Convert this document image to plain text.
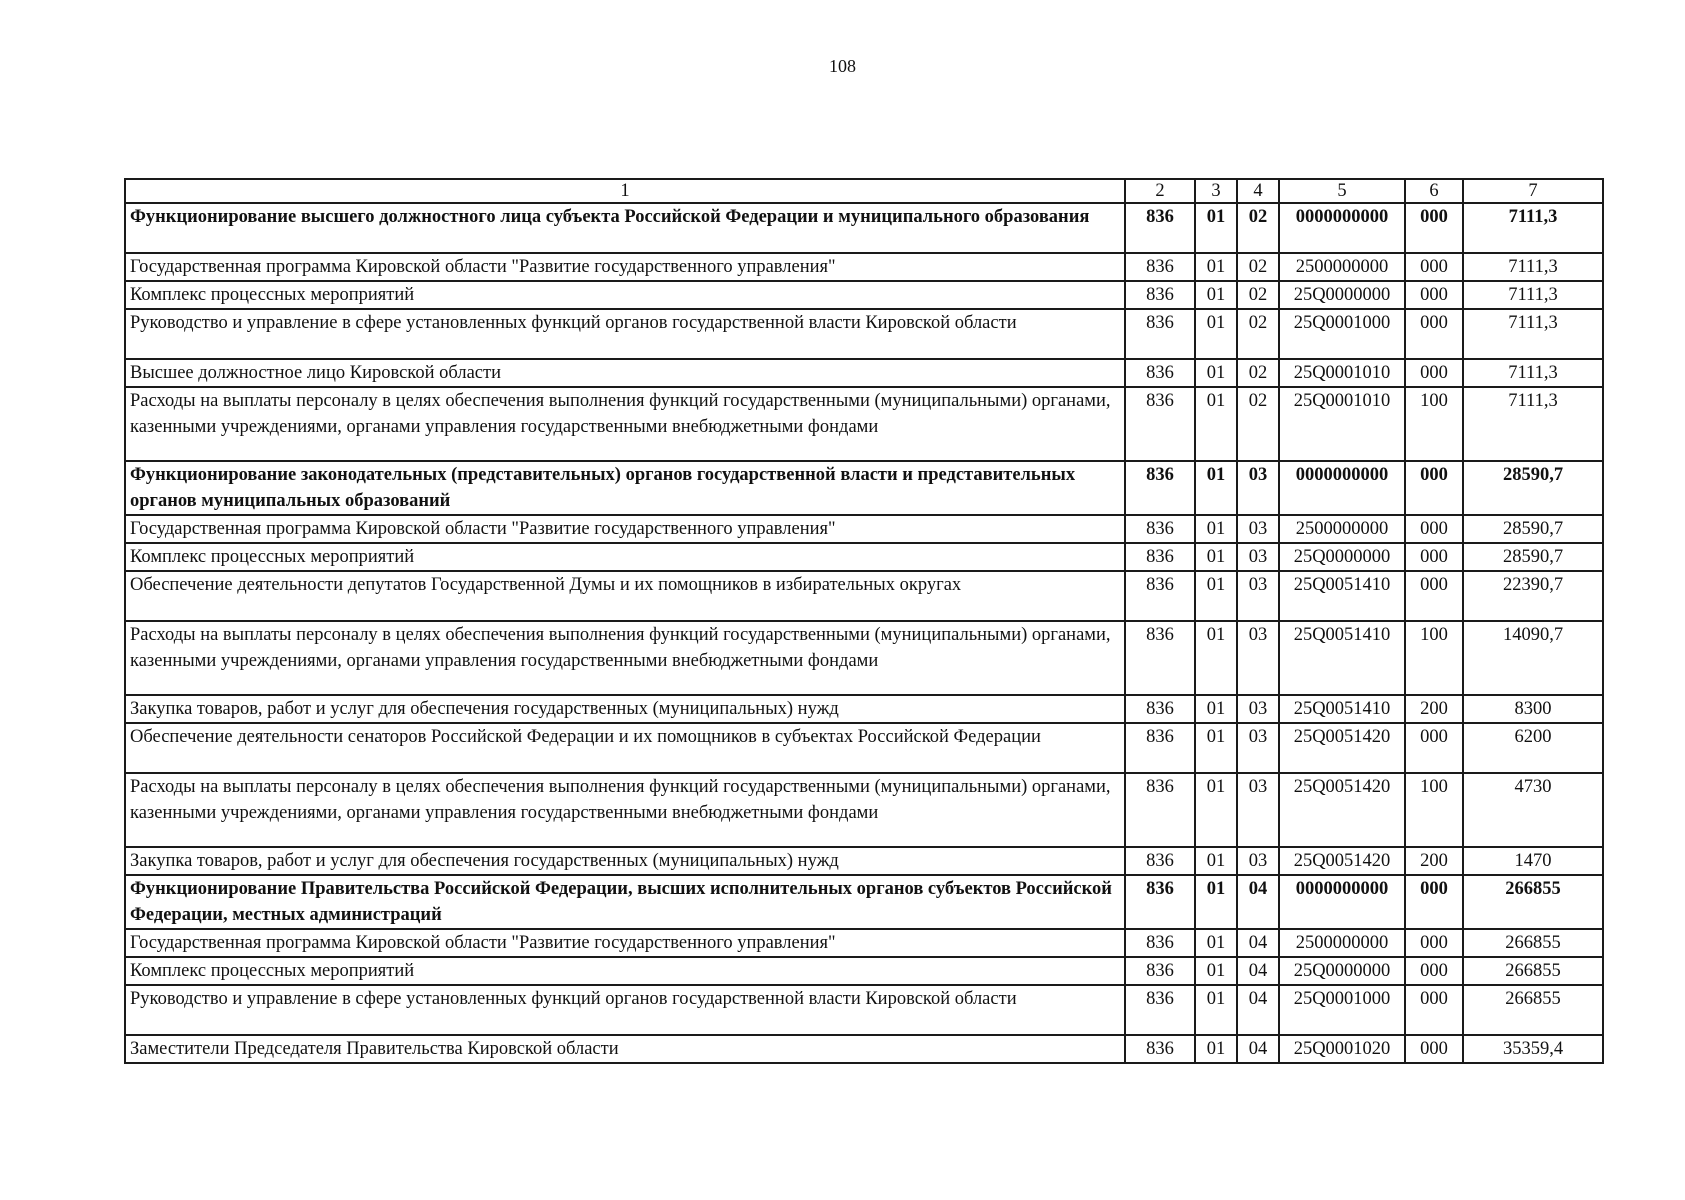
108
1	2	3	4	5	6	7
Функционирование высшего должностного лица субъекта Российской Федерации и муниципального образования	836	01	02	0000000000	000	7111,3
Государственная программа Кировской области "Развитие государственного управления"	836	01	02	2500000000	000	7111,3
Комплекс процессных мероприятий	836	01	02	25Q0000000	000	7111,3
Руководство и управление в сфере установленных функций органов государственной власти Кировской области	836	01	02	25Q0001000	000	7111,3
Высшее должностное лицо Кировской области	836	01	02	25Q0001010	000	7111,3
Расходы на выплаты персоналу в целях обеспечения выполнения функций государственными (муниципальными) органами, казенными учреждениями, органами управления государственными внебюджетными фондами	836	01	02	25Q0001010	100	7111,3
Функционирование законодательных (представительных) органов государственной власти и представительных органов муниципальных образований	836	01	03	0000000000	000	28590,7
Государственная программа Кировской области "Развитие государственного управления"	836	01	03	2500000000	000	28590,7
Комплекс процессных мероприятий	836	01	03	25Q0000000	000	28590,7
Обеспечение деятельности депутатов Государственной Думы и их помощников в избирательных округах	836	01	03	25Q0051410	000	22390,7
Расходы на выплаты персоналу в целях обеспечения выполнения функций государственными (муниципальными) органами, казенными учреждениями, органами управления государственными внебюджетными фондами	836	01	03	25Q0051410	100	14090,7
Закупка товаров, работ и услуг для обеспечения государственных (муниципальных) нужд	836	01	03	25Q0051410	200	8300
Обеспечение деятельности сенаторов Российской Федерации и их помощников в субъектах Российской Федерации	836	01	03	25Q0051420	000	6200
Расходы на выплаты персоналу в целях обеспечения выполнения функций государственными (муниципальными) органами, казенными учреждениями, органами управления государственными внебюджетными фондами	836	01	03	25Q0051420	100	4730
Закупка товаров, работ и услуг для обеспечения государственных (муниципальных) нужд	836	01	03	25Q0051420	200	1470
Функционирование Правительства Российской Федерации, высших исполнительных органов субъектов Российской Федерации, местных администраций	836	01	04	0000000000	000	266855
Государственная программа Кировской области "Развитие государственного управления"	836	01	04	2500000000	000	266855
Комплекс процессных мероприятий	836	01	04	25Q0000000	000	266855
Руководство и управление в сфере установленных функций органов государственной власти Кировской области	836	01	04	25Q0001000	000	266855
Заместители Председателя Правительства Кировской области	836	01	04	25Q0001020	000	35359,4
